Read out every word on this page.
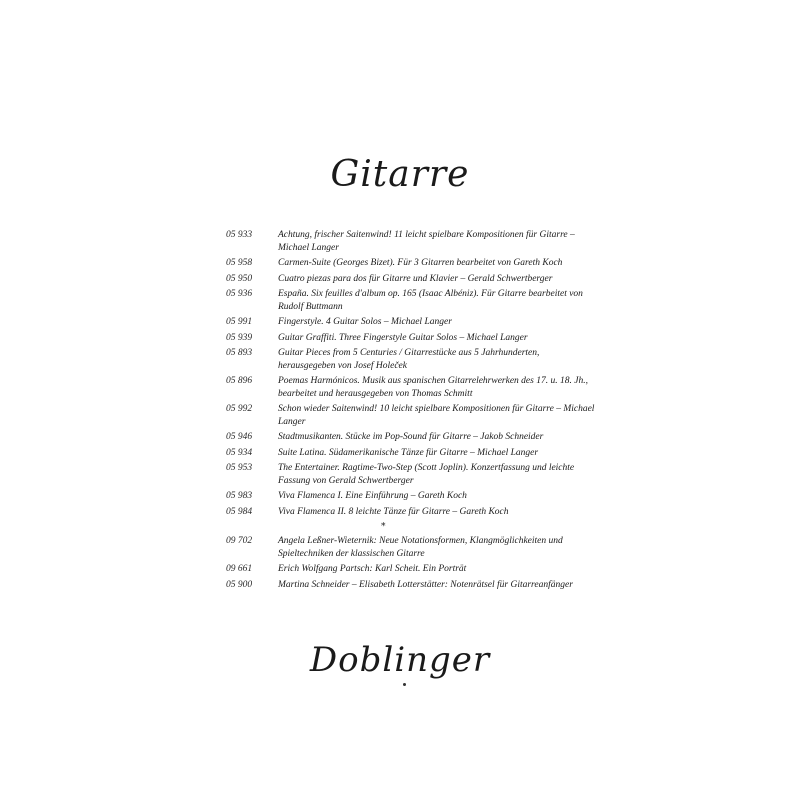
Gitarre
05 933	Achtung, frischer Saitenwind! 11 leicht spielbare Kompositionen für Gitarre – Michael Langer
05 958	Carmen-Suite (Georges Bizet). Für 3 Gitarren bearbeitet von Gareth Koch
05 950	Cuatro piezas para dos für Gitarre und Klavier – Gerald Schwertberger
05 936	España. Six feuilles d'album op. 165 (Isaac Albéniz). Für Gitarre bearbeitet von Rudolf Buttmann
05 991	Fingerstyle. 4 Guitar Solos – Michael Langer
05 939	Guitar Graffiti. Three Fingerstyle Guitar Solos – Michael Langer
05 893	Guitar Pieces from 5 Centuries / Gitarrestücke aus 5 Jahrhunderten, herausgegeben von Josef Holeček
05 896	Poemas Harmónicos. Musik aus spanischen Gitarrelehrwerken des 17. u. 18. Jh., bearbeitet und herausgegeben von Thomas Schmitt
05 992	Schon wieder Saitenwind! 10 leicht spielbare Kompositionen für Gitarre – Michael Langer
05 946	Stadtmusikanten. Stücke im Pop-Sound für Gitarre – Jakob Schneider
05 934	Suite Latina. Südamerikanische Tänze für Gitarre – Michael Langer
05 953	The Entertainer. Ragtime-Two-Step (Scott Joplin). Konzertfassung und leichte Fassung von Gerald Schwertberger
05 983	Viva Flamenca I. Eine Einführung – Gareth Koch
05 984	Viva Flamenca II. 8 leichte Tänze für Gitarre – Gareth Koch
*
09 702	Angela Leßner-Wieternik: Neue Notationsformen, Klangmöglichkeiten und Spieltechniken der klassischen Gitarre
09 661	Erich Wolfgang Partsch: Karl Scheit. Ein Porträt
05 900	Martina Schneider – Elisabeth Lotterstätter: Notenrätsel für Gitarreanfänger
Doblinger
